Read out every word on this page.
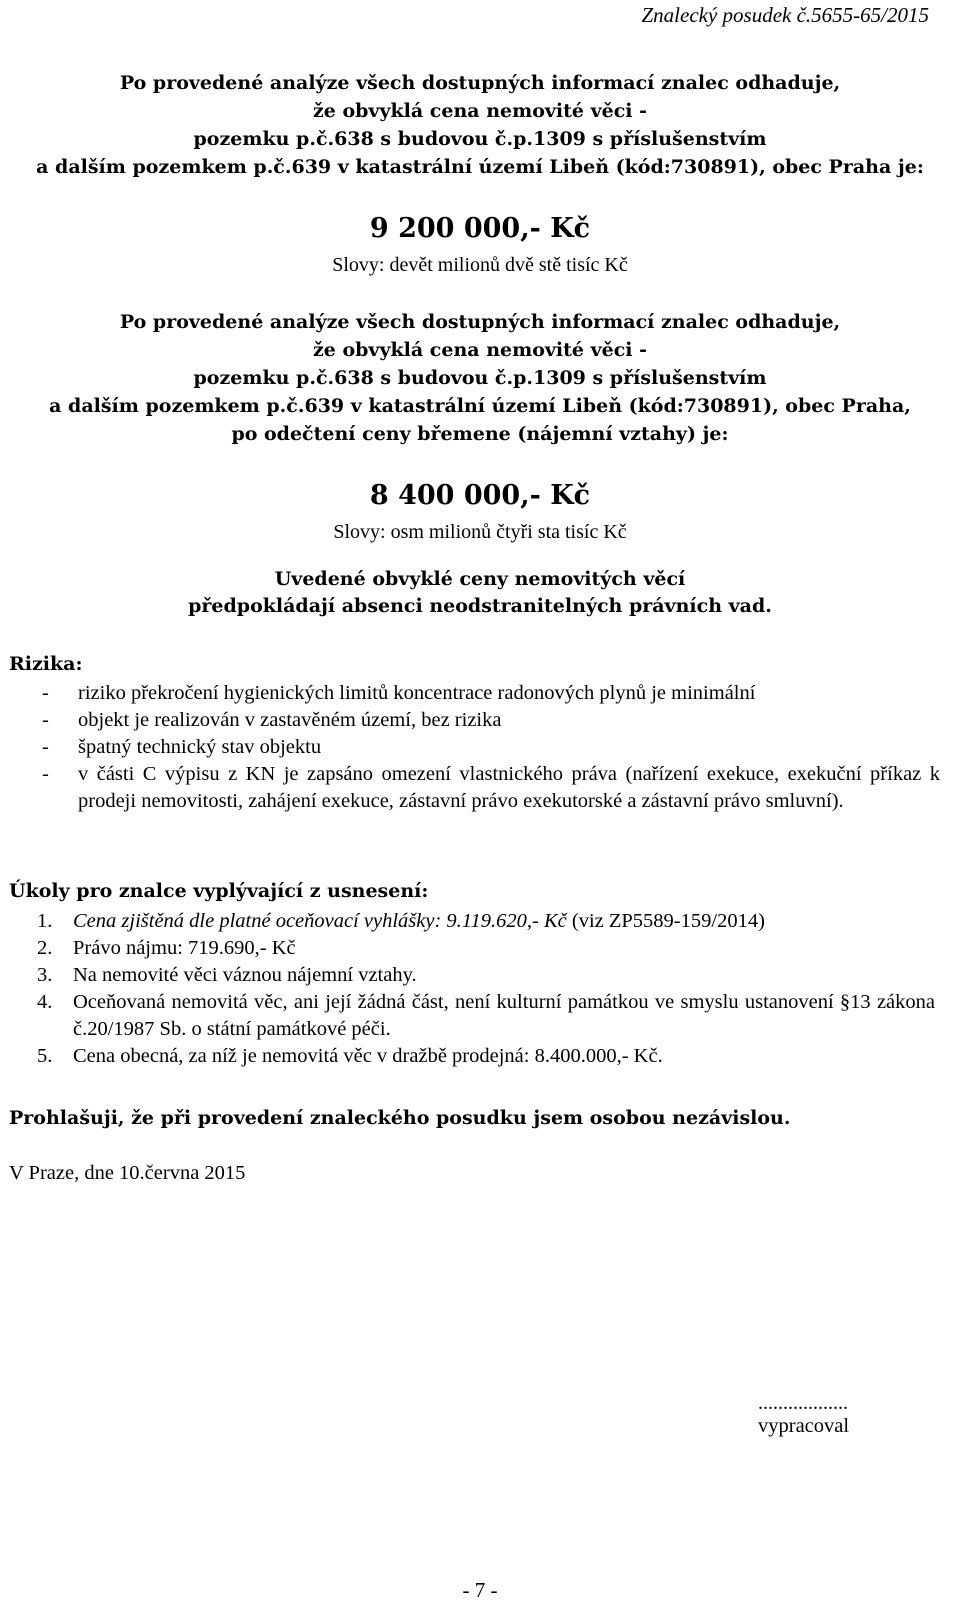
Znalecký posudek č.5655-65/2015
Po provedené analýze všech dostupných informací znalec odhaduje,
že obvyklá cena nemovité věci -
pozemku p.č.638 s budovou č.p.1309 s příslušenstvím
a dalším pozemkem p.č.639 v katastrální území Libeň (kód:730891), obec Praha je:
9 200 000,- Kč
Slovy: devět milionů dvě stě tisíc Kč
Po provedené analýze všech dostupných informací znalec odhaduje,
že obvyklá cena nemovité věci -
pozemku p.č.638 s budovou č.p.1309 s příslušenstvím
a dalším pozemkem p.č.639 v katastrální území Libeň (kód:730891), obec Praha,
po odečtení ceny břemene (nájemní vztahy) je:
8 400 000,- Kč
Slovy: osm milionů čtyři sta tisíc Kč
Uvedené obvyklé ceny nemovitých věcí
předpokládají absenci neodstranitelných právních vad.
Rizika:
-	riziko překročení hygienických limitů koncentrace radonových plynů je minimální
-	objekt je realizován v zastavěném území, bez rizika
-	špatný technický stav objektu
-	v části C výpisu z KN je zapsáno omezení vlastnického práva (nařízení exekuce, exekuční příkaz k prodeji nemovitosti, zahájení exekuce, zástavní právo exekutorské a zástavní právo smluvní).
Úkoly pro znalce vyplývající z usnesení:
1.	Cena zjištěná dle platné oceňovací vyhlášky: 9.119.620,- Kč (viz ZP5589-159/2014)
2.	Právo nájmu: 719.690,- Kč
3.	Na nemovité věci váznou nájemní vztahy.
4.	Oceňovaná nemovitá věc, ani její žádná část, není kulturní památkou ve smyslu ustanovení §13 zákona č.20/1987 Sb. o státní památkové péči.
5.	Cena obecná, za níž je nemovitá věc v dražbě prodejná: 8.400.000,- Kč.
Prohlašuji, že při provedení znaleckého posudku jsem osobou nezávislou.
V Praze, dne 10.června 2015
..................
vypracoval
- 7 -
